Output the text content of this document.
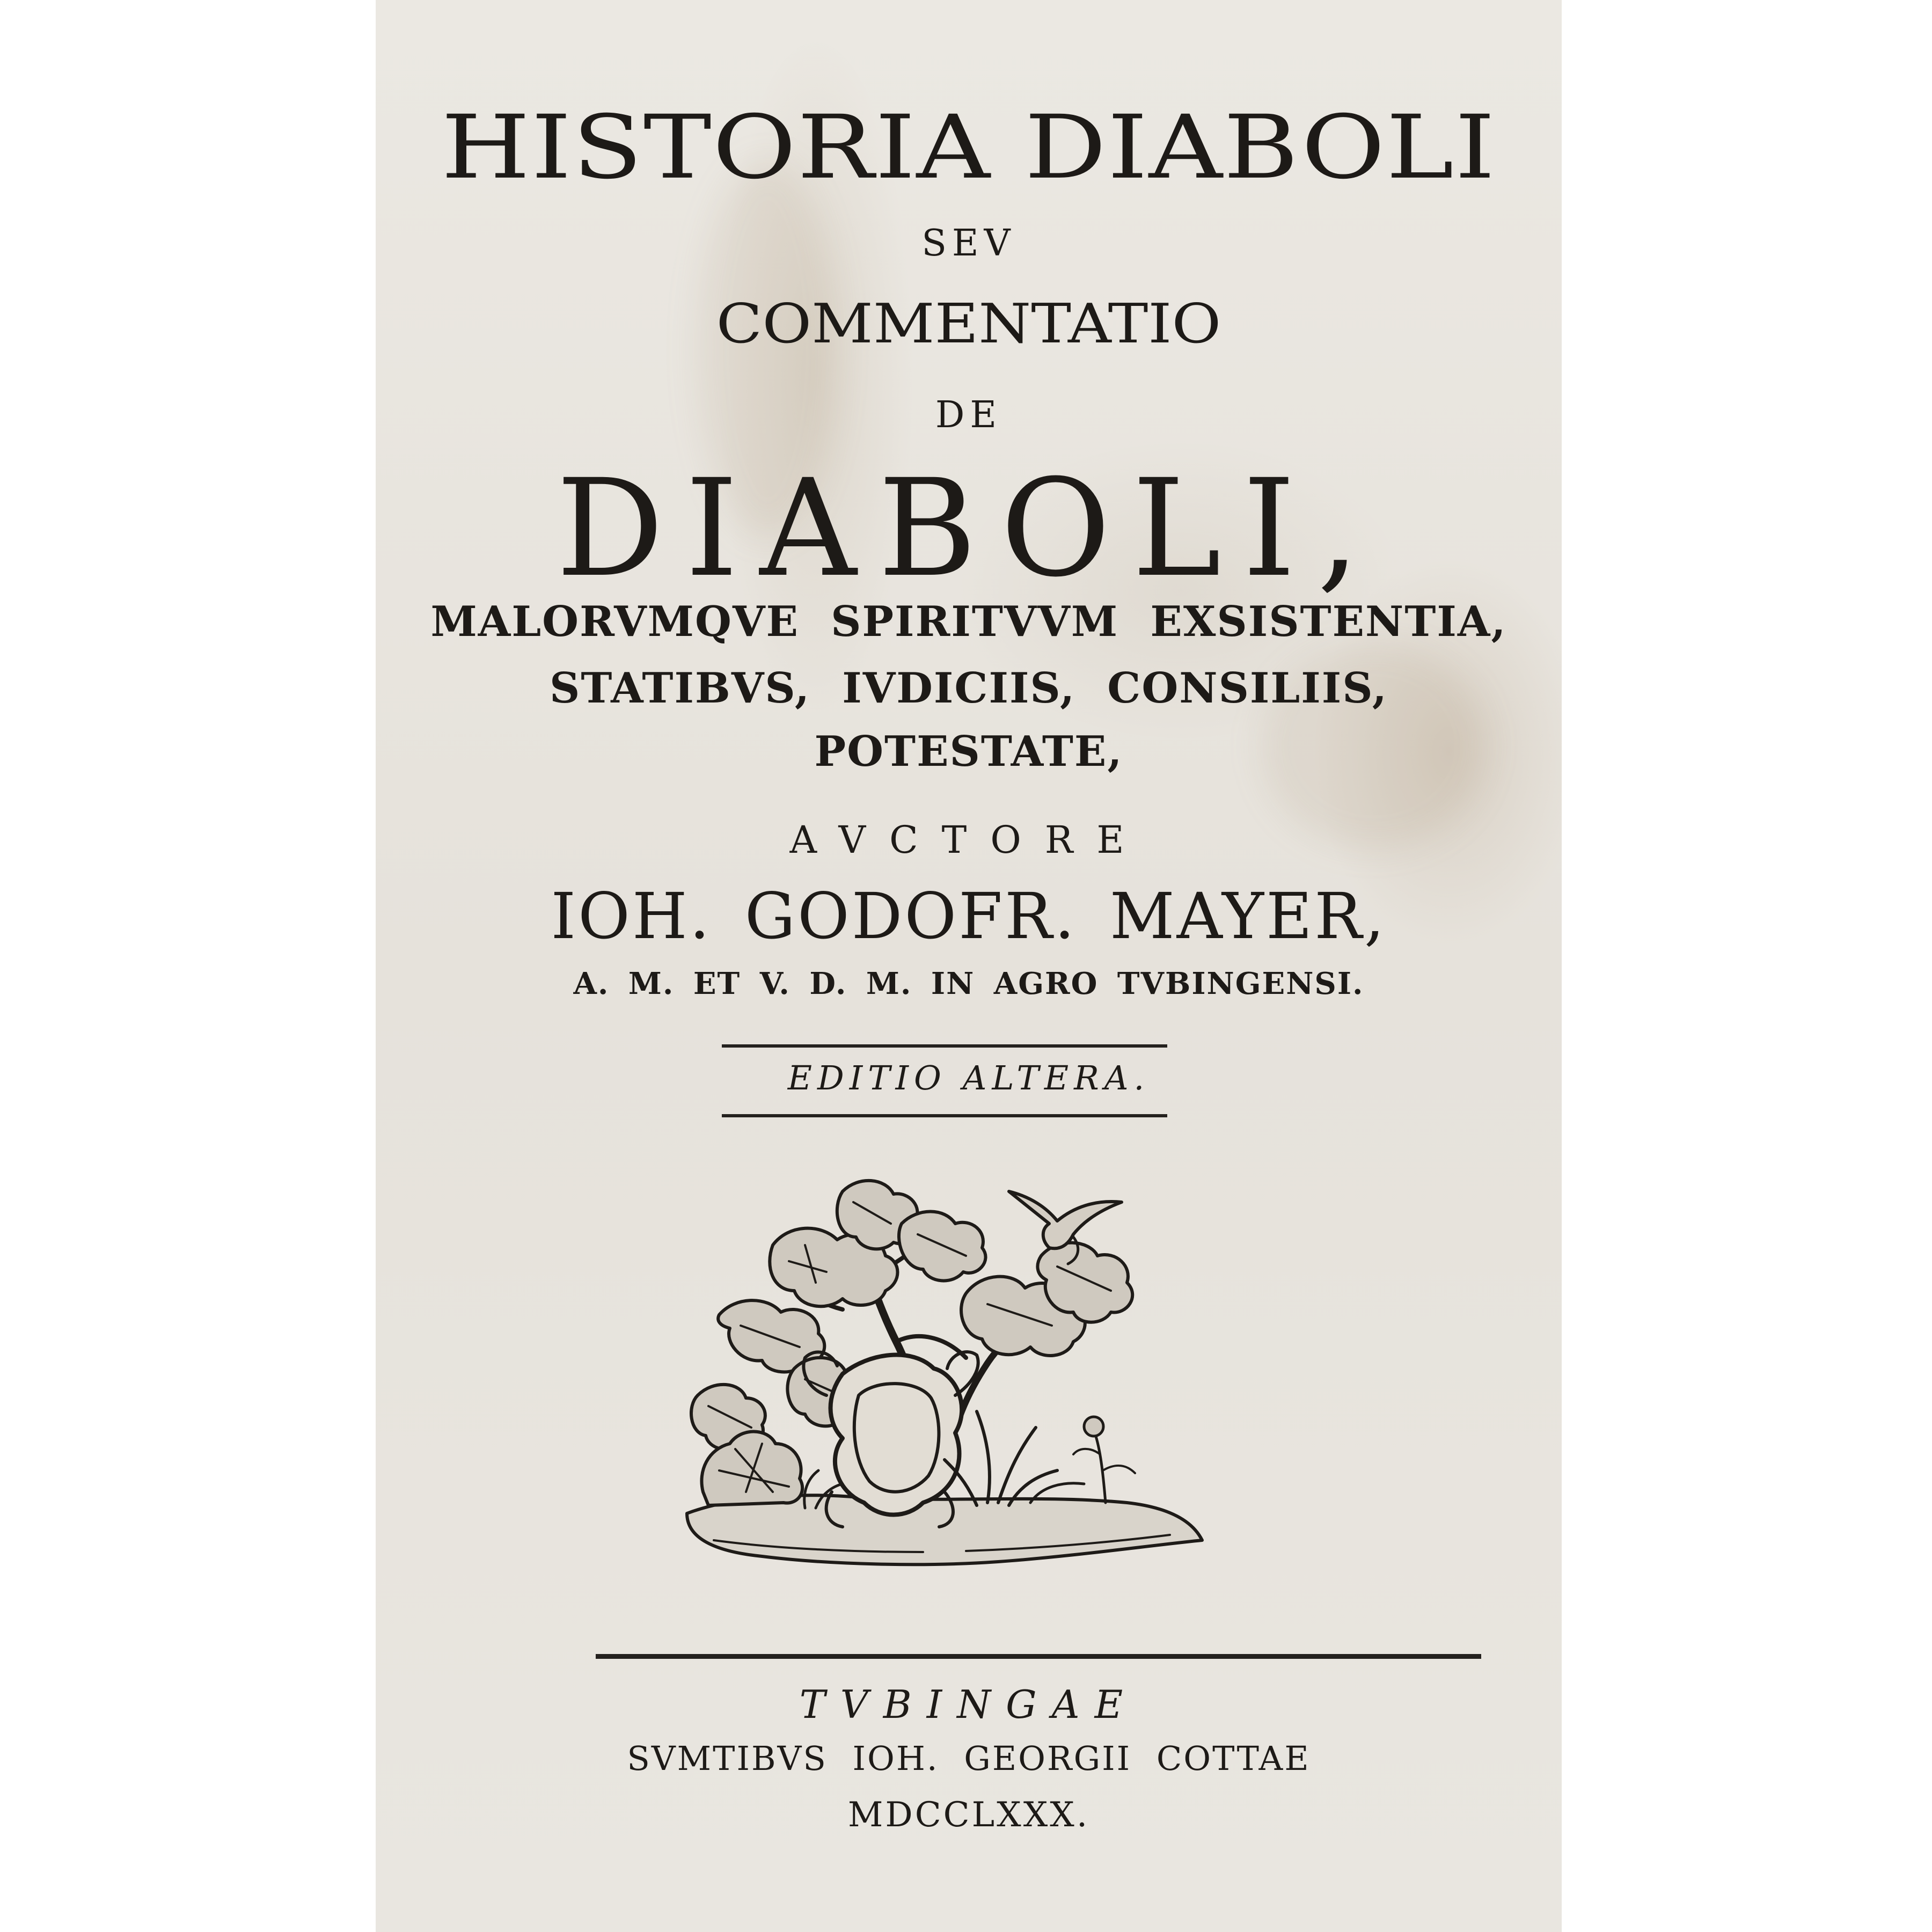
HISTORIA DIABOLI

SEV

COMMENTATIO

DE

DIABOLI,

MALORVMQVE SPIRITVVM EXSISTENTIA,

STATIBVS, IVDICIIS, CONSILIIS,

POTESTATE,

AVCTORE

IOH. GODOFR. MAYER,

A. M. ET V. D. M. IN AGRO TVBINGENSI.

EDITIO ALTERA.

TVBINGAE

SVMTIBVS IOH. GEORGII COTTAE

MDCCLXXX.
